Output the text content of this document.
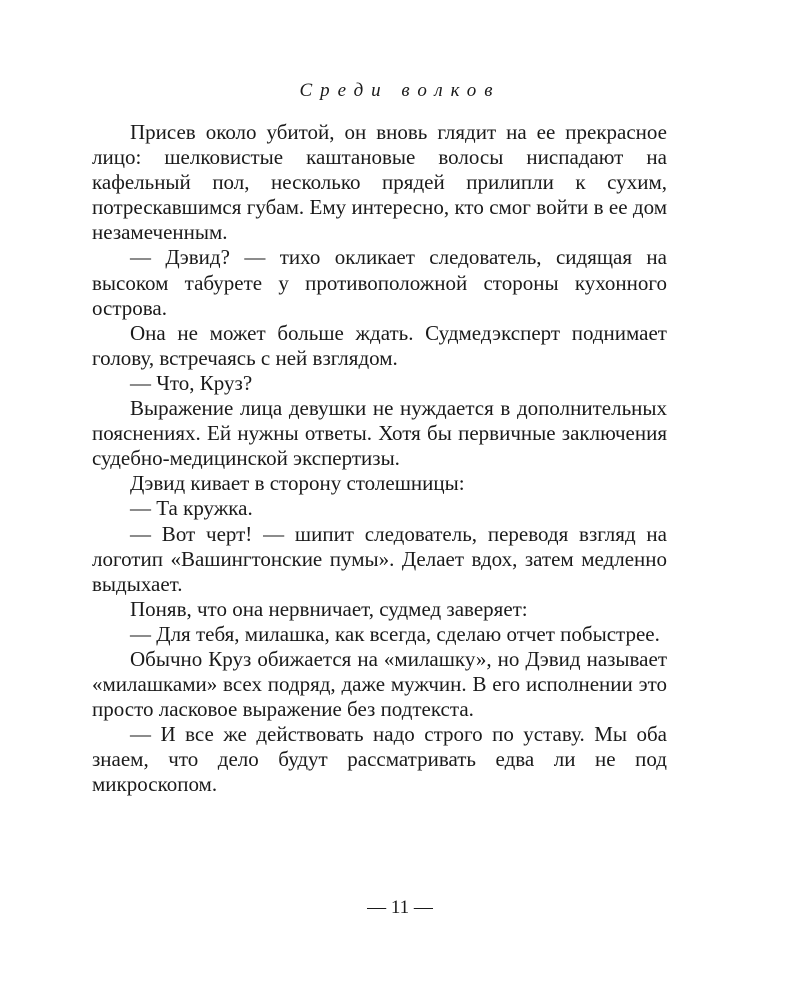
Среди волков

Присев около убитой, он вновь глядит на ее прекрасное лицо: шелковистые каштановые волосы ниспадают на кафельный пол, несколько прядей прилипли к сухим, потрескавшимся губам. Ему интересно, кто смог войти в ее дом незамеченным.

— Дэвид? — тихо окликает следователь, сидящая на высоком табурете у противоположной стороны кухонного острова.

Она не может больше ждать. Судмедэксперт поднимает голову, встречаясь с ней взглядом.

— Что, Круз?

Выражение лица девушки не нуждается в дополнительных пояснениях. Ей нужны ответы. Хотя бы первичные заключения судебно-медицинской экспертизы.

Дэвид кивает в сторону столешницы:

— Та кружка.

— Вот черт! — шипит следователь, переводя взгляд на логотип «Вашингтонские пумы». Делает вдох, затем медленно выдыхает.

Поняв, что она нервничает, судмед заверяет:

— Для тебя, милашка, как всегда, сделаю отчет побыстрее.

Обычно Круз обижается на «милашку», но Дэвид называет «милашками» всех подряд, даже мужчин. В его исполнении это просто ласковое выражение без подтекста.

— И все же действовать надо строго по уставу. Мы оба знаем, что дело будут рассматривать едва ли не под микроскопом.

— 11 —
